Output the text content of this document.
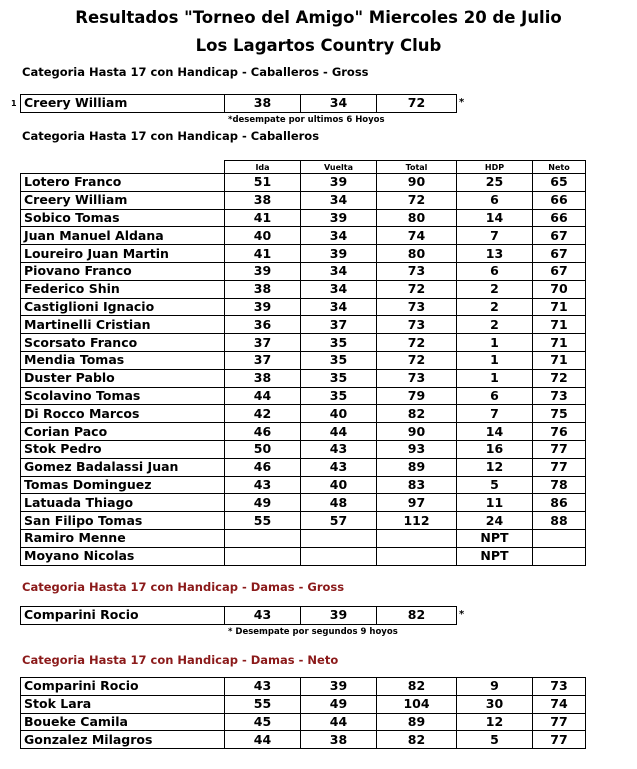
Resultados "Torneo del Amigo" Miercoles 20 de Julio
Los Lagartos Country Club
Categoria Hasta 17 con Handicap - Caballeros - Gross
1 Creery William	38	34	72	*
*desempate por ultimos 6 Hoyos
Categoria Hasta 17 con Handicap - Caballeros
	Ida	Vuelta	Total	HDP	Neto
Lotero Franco	51	39	90	25	65
Creery William	38	34	72	6	66
Sobico Tomas	41	39	80	14	66
Juan Manuel Aldana	40	34	74	7	67
Loureiro Juan Martin	41	39	80	13	67
Piovano Franco	39	34	73	6	67
Federico Shin	38	34	72	2	70
Castiglioni Ignacio	39	34	73	2	71
Martinelli Cristian	36	37	73	2	71
Scorsato Franco	37	35	72	1	71
Mendia Tomas	37	35	72	1	71
Duster Pablo	38	35	73	1	72
Scolavino Tomas	44	35	79	6	73
Di Rocco Marcos	42	40	82	7	75
Corian Paco	46	44	90	14	76
Stok Pedro	50	43	93	16	77
Gomez Badalassi Juan	46	43	89	12	77
Tomas Dominguez	43	40	83	5	78
Latuada Thiago	49	48	97	11	86
San Filipo Tomas	55	57	112	24	88
Ramiro Menne				NPT	
Moyano Nicolas				NPT	
Categoria Hasta 17 con Handicap - Damas - Gross
Comparini Rocio	43	39	82	*
* Desempate por segundos 9 hoyos
Categoria Hasta 17 con Handicap - Damas - Neto
Comparini Rocio	43	39	82	9	73
Stok Lara	55	49	104	30	74
Boueke Camila	45	44	89	12	77
Gonzalez Milagros	44	38	82	5	77
